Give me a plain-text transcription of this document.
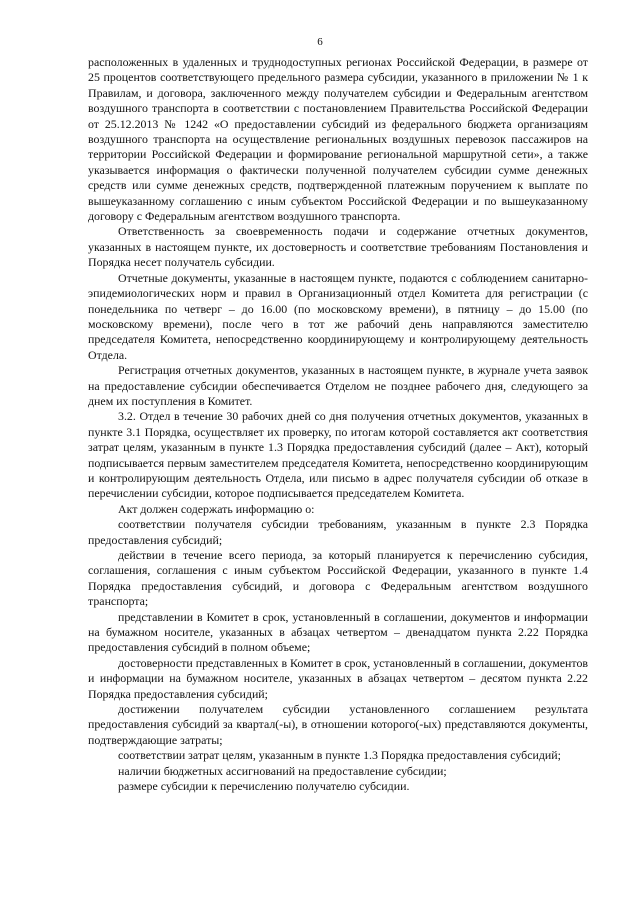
6

расположенных в удаленных и труднодоступных регионах Российской Федерации, в размере от 25 процентов соответствующего предельного размера субсидии, указанного в приложении № 1 к Правилам, и договора, заключенного между получателем субсидии и Федеральным агентством воздушного транспорта в соответствии с постановлением Правительства Российской Федерации от 25.12.2013 № 1242 «О предоставлении субсидий из федерального бюджета организациям воздушного транспорта на осуществление региональных воздушных перевозок пассажиров на территории Российской Федерации и формирование региональной маршрутной сети», а также указывается информация о фактически полученной получателем субсидии сумме денежных средств или сумме денежных средств, подтвержденной платежным поручением к выплате по вышеуказанному соглашению с иным субъектом Российской Федерации и по вышеуказанному договору с Федеральным агентством воздушного транспорта.

Ответственность за своевременность подачи и содержание отчетных документов, указанных в настоящем пункте, их достоверность и соответствие требованиям Постановления и Порядка несет получатель субсидии.

Отчетные документы, указанные в настоящем пункте, подаются с соблюдением санитарно-эпидемиологических норм и правил в Организационный отдел Комитета для регистрации (с понедельника по четверг – до 16.00 (по московскому времени), в пятницу – до 15.00 (по московскому времени), после чего в тот же рабочий день направляются заместителю председателя Комитета, непосредственно координирующему и контролирующему деятельность Отдела.

Регистрация отчетных документов, указанных в настоящем пункте, в журнале учета заявок на предоставление субсидии обеспечивается Отделом не позднее рабочего дня, следующего за днем их поступления в Комитет.

3.2. Отдел в течение 30 рабочих дней со дня получения отчетных документов, указанных в пункте 3.1 Порядка, осуществляет их проверку, по итогам которой составляется акт соответствия затрат целям, указанным в пункте 1.3 Порядка предоставления субсидий (далее – Акт), который подписывается первым заместителем председателя Комитета, непосредственно координирующим и контролирующим деятельность Отдела, или письмо в адрес получателя субсидии об отказе в перечислении субсидии, которое подписывается председателем Комитета.

Акт должен содержать информацию о:

соответствии получателя субсидии требованиям, указанным в пункте 2.3 Порядка предоставления субсидий;

действии в течение всего периода, за который планируется к перечислению субсидия, соглашения, соглашения с иным субъектом Российской Федерации, указанного в пункте 1.4 Порядка предоставления субсидий, и договора с Федеральным агентством воздушного транспорта;

представлении в Комитет в срок, установленный в соглашении, документов и информации на бумажном носителе, указанных в абзацах четвертом – двенадцатом пункта 2.22 Порядка предоставления субсидий в полном объеме;

достоверности представленных в Комитет в срок, установленный в соглашении, документов и информации на бумажном носителе, указанных в абзацах четвертом – десятом пункта 2.22 Порядка предоставления субсидий;

достижении получателем субсидии установленного соглашением результата предоставления субсидий за квартал(-ы), в отношении которого(-ых) представляются документы, подтверждающие затраты;

соответствии затрат целям, указанным в пункте 1.3 Порядка предоставления субсидий;

наличии бюджетных ассигнований на предоставление субсидии;

размере субсидии к перечислению получателю субсидии.
